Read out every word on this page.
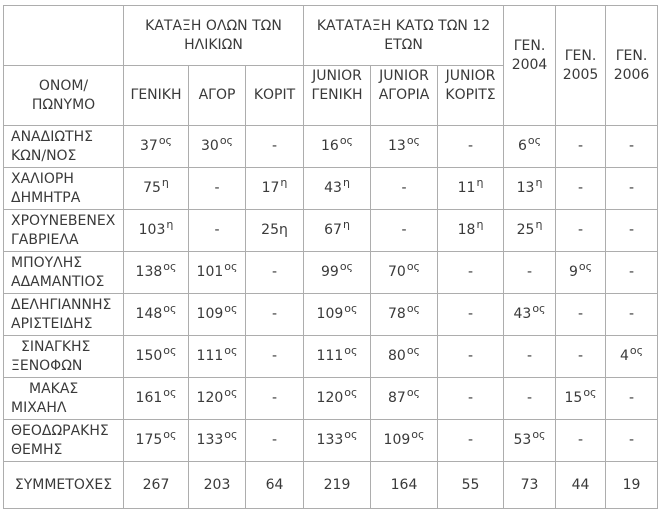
	ΚΑΤΑΞΗ ΟΛΩΝ ΤΩΝ ΗΛΙΚΙΩΝ			ΚΑΤΑΤΑΞΗ ΚΑΤΩ ΤΩΝ 12 ΕΤΩΝ			ΓΕΝ. 2004	ΓΕΝ. 2005	ΓΕΝ. 2006
ΟΝΟΜ/ ΠΩΝΥΜΟ	ΓΕΝΙΚΗ	ΑΓΟΡ	ΚΟΡΙΤ	JUNIOR ΓΕΝΙΚΗ	JUNIOR ΑΓΟΡΙΑ	JUNIOR ΚΟΡΙΤΣ			

ΑΝΑΔΙΩΤΗΣ
ΚΩΝ/ΝΟΣ	$37^{o\varsigma}$	$30^{o\varsigma}$	-	$16^{o\varsigma}$	$13^{o\varsigma}$	-	$6^{o\varsigma}$	-	-

ΧΑΛΙΟΡΗ
ΔΗΜΗΤΡΑ	$75^\eta$	-	$17^\eta$	$43^\eta$	-	$11^\eta$	$13^\eta$	-	-

ΧΡΟΥΝΕΒΕΝΕΧ
ΓΑΒΡΙΕΛΑ	$103^\eta$	-	25η	$67^\eta$	-	$18^\eta$	$25^\eta$	-	-

ΜΠΟΥΛΗΣ
ΑΔΑΜΑΝΤΙΟΣ	$138^{o\varsigma}$	$101^{o\varsigma}$	-	$99^{o\varsigma}$	$70^{o\varsigma}$	-	-	$9^{o\varsigma}$	-

ΔΕΛΗΓΙΑΝΝΗΣ
ΑΡΙΣΤΕΙΔΗΣ	$148^{o\varsigma}$	$109^{o\varsigma}$	-	$109^{o\varsigma}$	$78^{o\varsigma}$	-	$43^{o\varsigma}$	-	-

ΣΙΝΑΓΚΗΣ
ΞΕΝΟΦΩΝ	$150^{o\varsigma}$	$111^{o\varsigma}$	-	$111^{o\varsigma}$	$80^{o\varsigma}$	-	-	-	$4^{o\varsigma}$

ΜΑΚΑΣ
ΜΙΧΑΗΛ	$161^{o\varsigma}$	$120^{o\varsigma}$	-	$120^{o\varsigma}$	$87^{o\varsigma}$	-	-	$15^{o\varsigma}$	-

ΘΕΟΔΩΡΑΚΗΣ
ΘΕΜΗΣ	$175^{o\varsigma}$	$133^{o\varsigma}$	-	$133^{o\varsigma}$	$109^{o\varsigma}$	-	$53^{o\varsigma}$	-	-
ΣΥΜΜΕΤΟΧΕΣ	267	203	64	219	164	55	73	44	19
